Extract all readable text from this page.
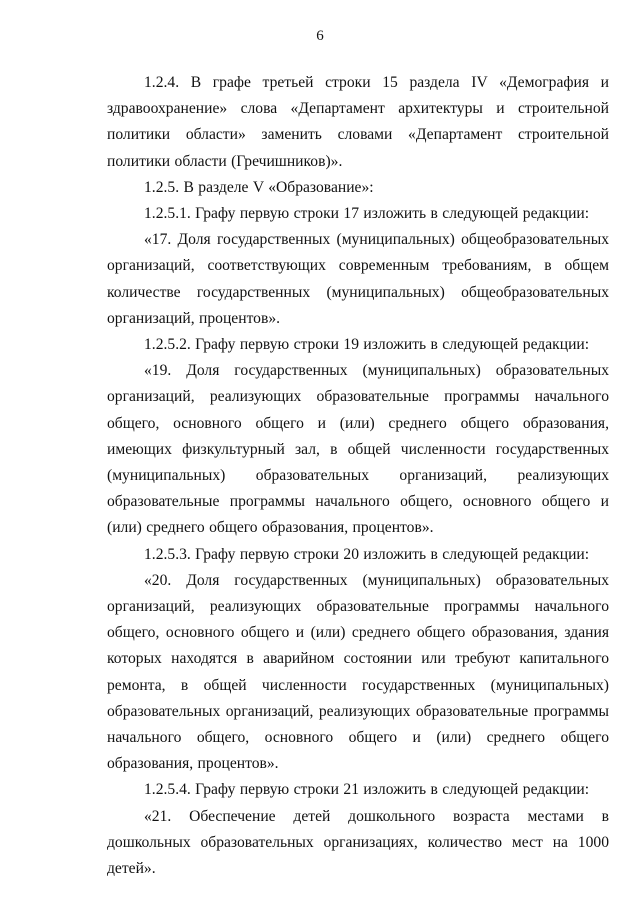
6

1.2.4. В графе третьей строки 15 раздела IV «Демография и здравоохранение» слова «Департамент архитектуры и строительной политики области» заменить словами «Департамент строительной политики области (Гречишников)».

1.2.5. В разделе V «Образование»:

1.2.5.1. Графу первую строки 17 изложить в следующей редакции:

«17. Доля государственных (муниципальных) общеобразовательных организаций, соответствующих современным требованиям, в общем количестве государственных (муниципальных) общеобразовательных организаций, процентов».

1.2.5.2. Графу первую строки 19 изложить в следующей редакции:

«19. Доля государственных (муниципальных) образовательных организаций, реализующих образовательные программы начального общего, основного общего и (или) среднего общего образования, имеющих физкультурный зал, в общей численности государственных (муниципальных) образовательных организаций, реализующих образовательные программы начального общего, основного общего и (или) среднего общего образования, процентов».

1.2.5.3. Графу первую строки 20 изложить в следующей редакции:

«20. Доля государственных (муниципальных) образовательных организаций, реализующих образовательные программы начального общего, основного общего и (или) среднего общего образования, здания которых находятся в аварийном состоянии или требуют капитального ремонта, в общей численности государственных (муниципальных) образовательных организаций, реализующих образовательные программы начального общего, основного общего и (или) среднего общего образования, процентов».

1.2.5.4. Графу первую строки 21 изложить в следующей редакции:

«21. Обеспечение детей дошкольного возраста местами в дошкольных образовательных организациях, количество мест на 1000 детей».
